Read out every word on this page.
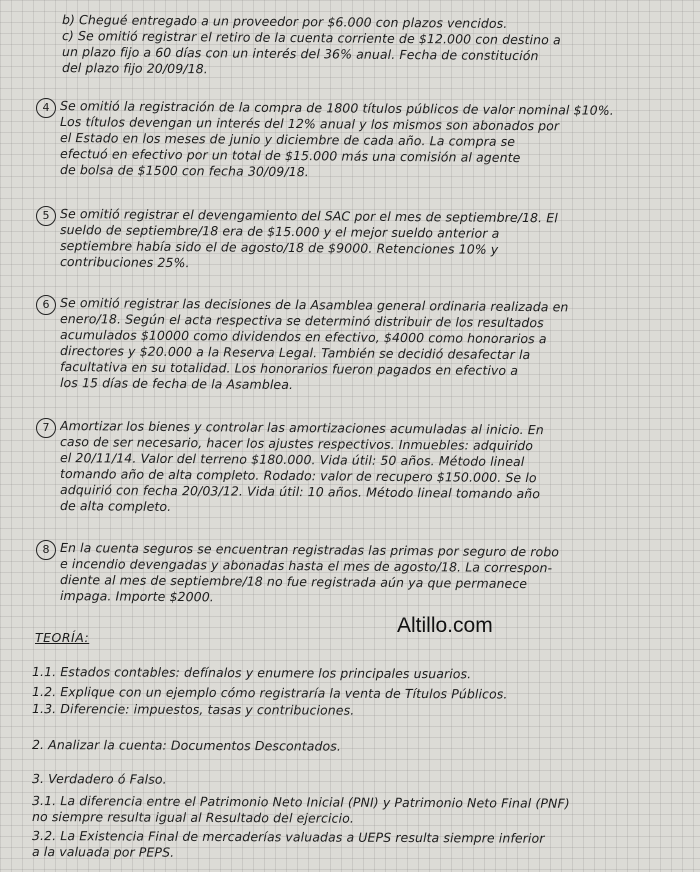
b) Chegué entregado a un proveedor por $6.000 con plazos vencidos.
c) Se omitió registrar el retiro de la cuenta corriente de $12.000 con destino a
un plazo fijo a 60 días con un interés del 36% anual. Fecha de constitución
del plazo fijo 20/09/18.
4 Se omitió la registración de la compra de 1800 títulos públicos de valor nominal $10%.
Los títulos devengan un interés del 12% anual y los mismos son abonados por
el Estado en los meses de junio y diciembre de cada año. La compra se
efectuó en efectivo por un total de $15.000 más una comisión al agente
de bolsa de $1500 con fecha 30/09/18.
5 Se omitió registrar el devengamiento del SAC por el mes de septiembre/18. El
sueldo de septiembre/18 era de $15.000 y el mejor sueldo anterior a
septiembre había sido el de agosto/18 de $9000. Retenciones 10% y
contribuciones 25%.
6 Se omitió registrar las decisiones de la Asamblea general ordinaria realizada en
enero/18. Según el acta respectiva se determinó distribuir de los resultados
acumulados $10000 como dividendos en efectivo, $4000 como honorarios a
directores y $20.000 a la Reserva Legal. También se decidió desafectar la
facultativa en su totalidad. Los honorarios fueron pagados en efectivo a
los 15 días de fecha de la Asamblea.
7 Amortizar los bienes y controlar las amortizaciones acumuladas al inicio. En
caso de ser necesario, hacer los ajustes respectivos. Inmuebles: adquirido
el 20/11/14. Valor del terreno $180.000. Vida útil: 50 años. Método lineal
tomando año de alta completo. Rodado: valor de recupero $150.000. Se lo
adquirió con fecha 20/03/12. Vida útil: 10 años. Método lineal tomando año
de alta completo.
8 En la cuenta seguros se encuentran registradas las primas por seguro de robo
e incendio devengadas y abonadas hasta el mes de agosto/18. La correspon-
diente al mes de septiembre/18 no fue registrada aún ya que permanece
impaga. Importe $2000.
Altillo.com
TEORÍA:
1.1. Estados contables: defínalos y enumere los principales usuarios.
1.2. Explique con un ejemplo cómo registraría la venta de Títulos Públicos.
1.3. Diferencie: impuestos, tasas y contribuciones.
2. Analizar la cuenta: Documentos Descontados.
3. Verdadero ó Falso.
3.1. La diferencia entre el Patrimonio Neto Inicial (PNI) y Patrimonio Neto Final (PNF)
no siempre resulta igual al Resultado del ejercicio.
3.2. La Existencia Final de mercaderías valuadas a UEPS resulta siempre inferior
a la valuada por PEPS.
